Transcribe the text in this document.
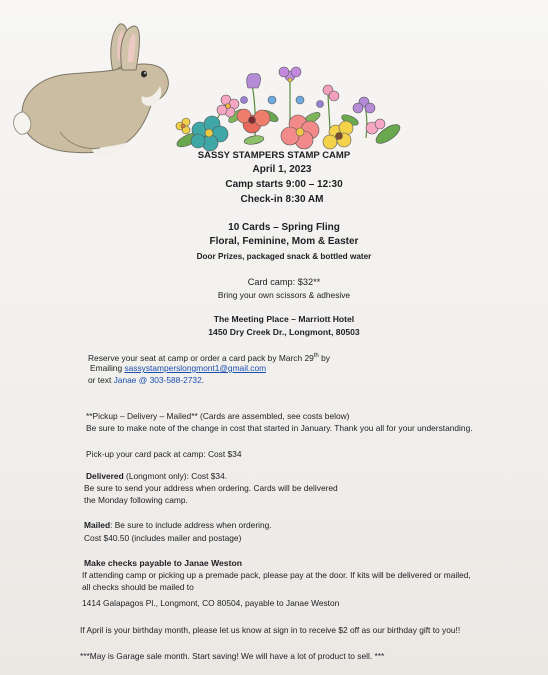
SASSY STAMPERS STAMP CAMP
April 1, 2023
Camp starts 9:00 – 12:30
Check-in 8:30 AM
10 Cards – Spring Fling
Floral, Feminine, Mom & Easter
Door Prizes, packaged snack & bottled water
Card camp: $32**
Bring your own scissors & adhesive
The Meeting Place – Marriott Hotel
1450 Dry Creek Dr., Longmont, 80503
Reserve your seat at camp or order a card pack by March 29th by
Emailing sassystamperslongmont1@gmail.com
or text Janae @ 303-588-2732.
**Pickup – Delivery – Mailed** (Cards are assembled, see costs below)
Be sure to make note of the change in cost that started in January. Thank you all for your understanding.
Pick-up your card pack at camp: Cost $34
Delivered (Longmont only): Cost $34.
Be sure to send your address when ordering. Cards will be delivered
the Monday following camp.
Mailed: Be sure to include address when ordering.
Cost $40.50 (includes mailer and postage)
Make checks payable to Janae Weston
If attending camp or picking up a premade pack, please pay at the door. If kits will be delivered or mailed,
all checks should be mailed to
1414 Galapagos Pl., Longmont, CO 80504, payable to Janae Weston
If April is your birthday month, please let us know at sign in to receive $2 off as our birthday gift to you!!
***May is Garage sale month. Start saving! We will have a lot of product to sell. ***
